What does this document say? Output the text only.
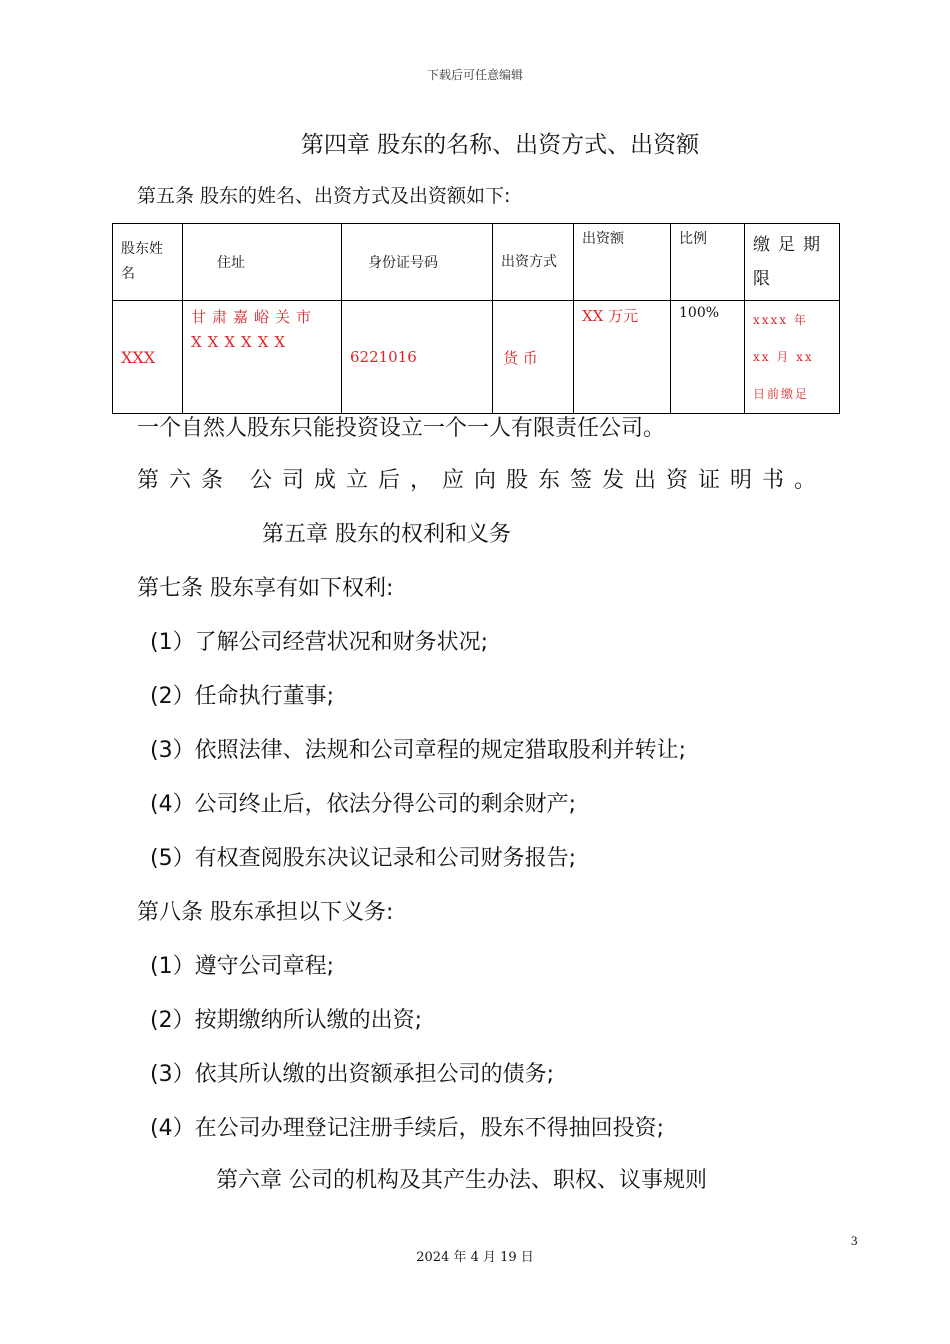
下载后可任意编辑
第四章 股东的名称、出资方式、出资额
第五条 股东的姓名、出资方式及出资额如下:
股东姓名	住址	身份证号码	出资方式	出资额	比例	缴足期限
XXX	甘肃嘉峪关市XXXXXX	6221016	货 币	XX 万元	100%	xxxx 年 xx 月 xx 日前缴足
一个自然人股东只能投资设立一个一人有限责任公司。
第六条 公司成立后，应向股东签发出资证明书。
第五章 股东的权利和义务
第七条 股东享有如下权利:
(1）了解公司经营状况和财务状况;
(2）任命执行董事;
(3）依照法律、法规和公司章程的规定猎取股利并转让;
(4）公司终止后，依法分得公司的剩余财产;
(5）有权查阅股东决议记录和公司财务报告;
第八条 股东承担以下义务:
(1）遵守公司章程;
(2）按期缴纳所认缴的出资;
(3）依其所认缴的出资额承担公司的债务;
(4）在公司办理登记注册手续后，股东不得抽回投资;
第六章 公司的机构及其产生办法、职权、议事规则
3
2024 年 4 月 19 日
